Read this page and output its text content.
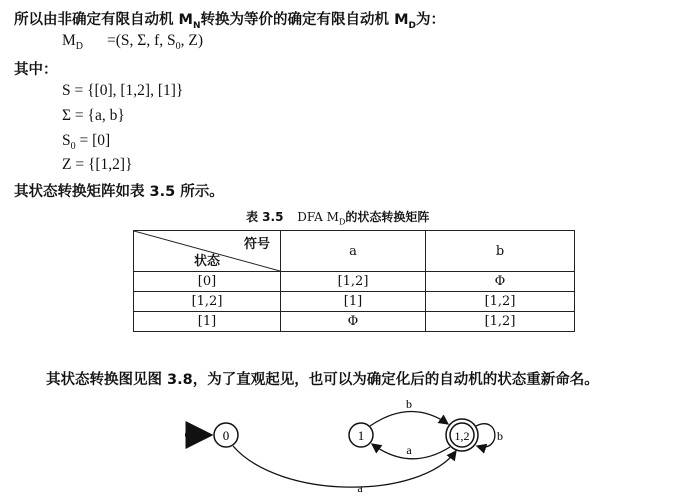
所以由非确定有限自动机 $M_N$转换为等价的确定有限自动机 $M_D$为：
$M_D =(S$, Σ, f, $S_0$, Z)
其中：
S = {[0], [1,2], [1]}
Σ = {a, b}
$S_0 = [0]$
Z = {[1,2]}
其状态转换矩阵如表 3.5 所示。
表 3.5 DFA $M_D$的状态转换矩阵
符号
状态	a	b
[0]	[1,2]	Φ
[1,2]	[1]	[1,2]
[1]	Φ	[1,2]
其状态转换图见图 3.8，为了直观起见，也可以为确定化后的自动机的状态重新命名。
0	1	1,2
b
a
b
a
